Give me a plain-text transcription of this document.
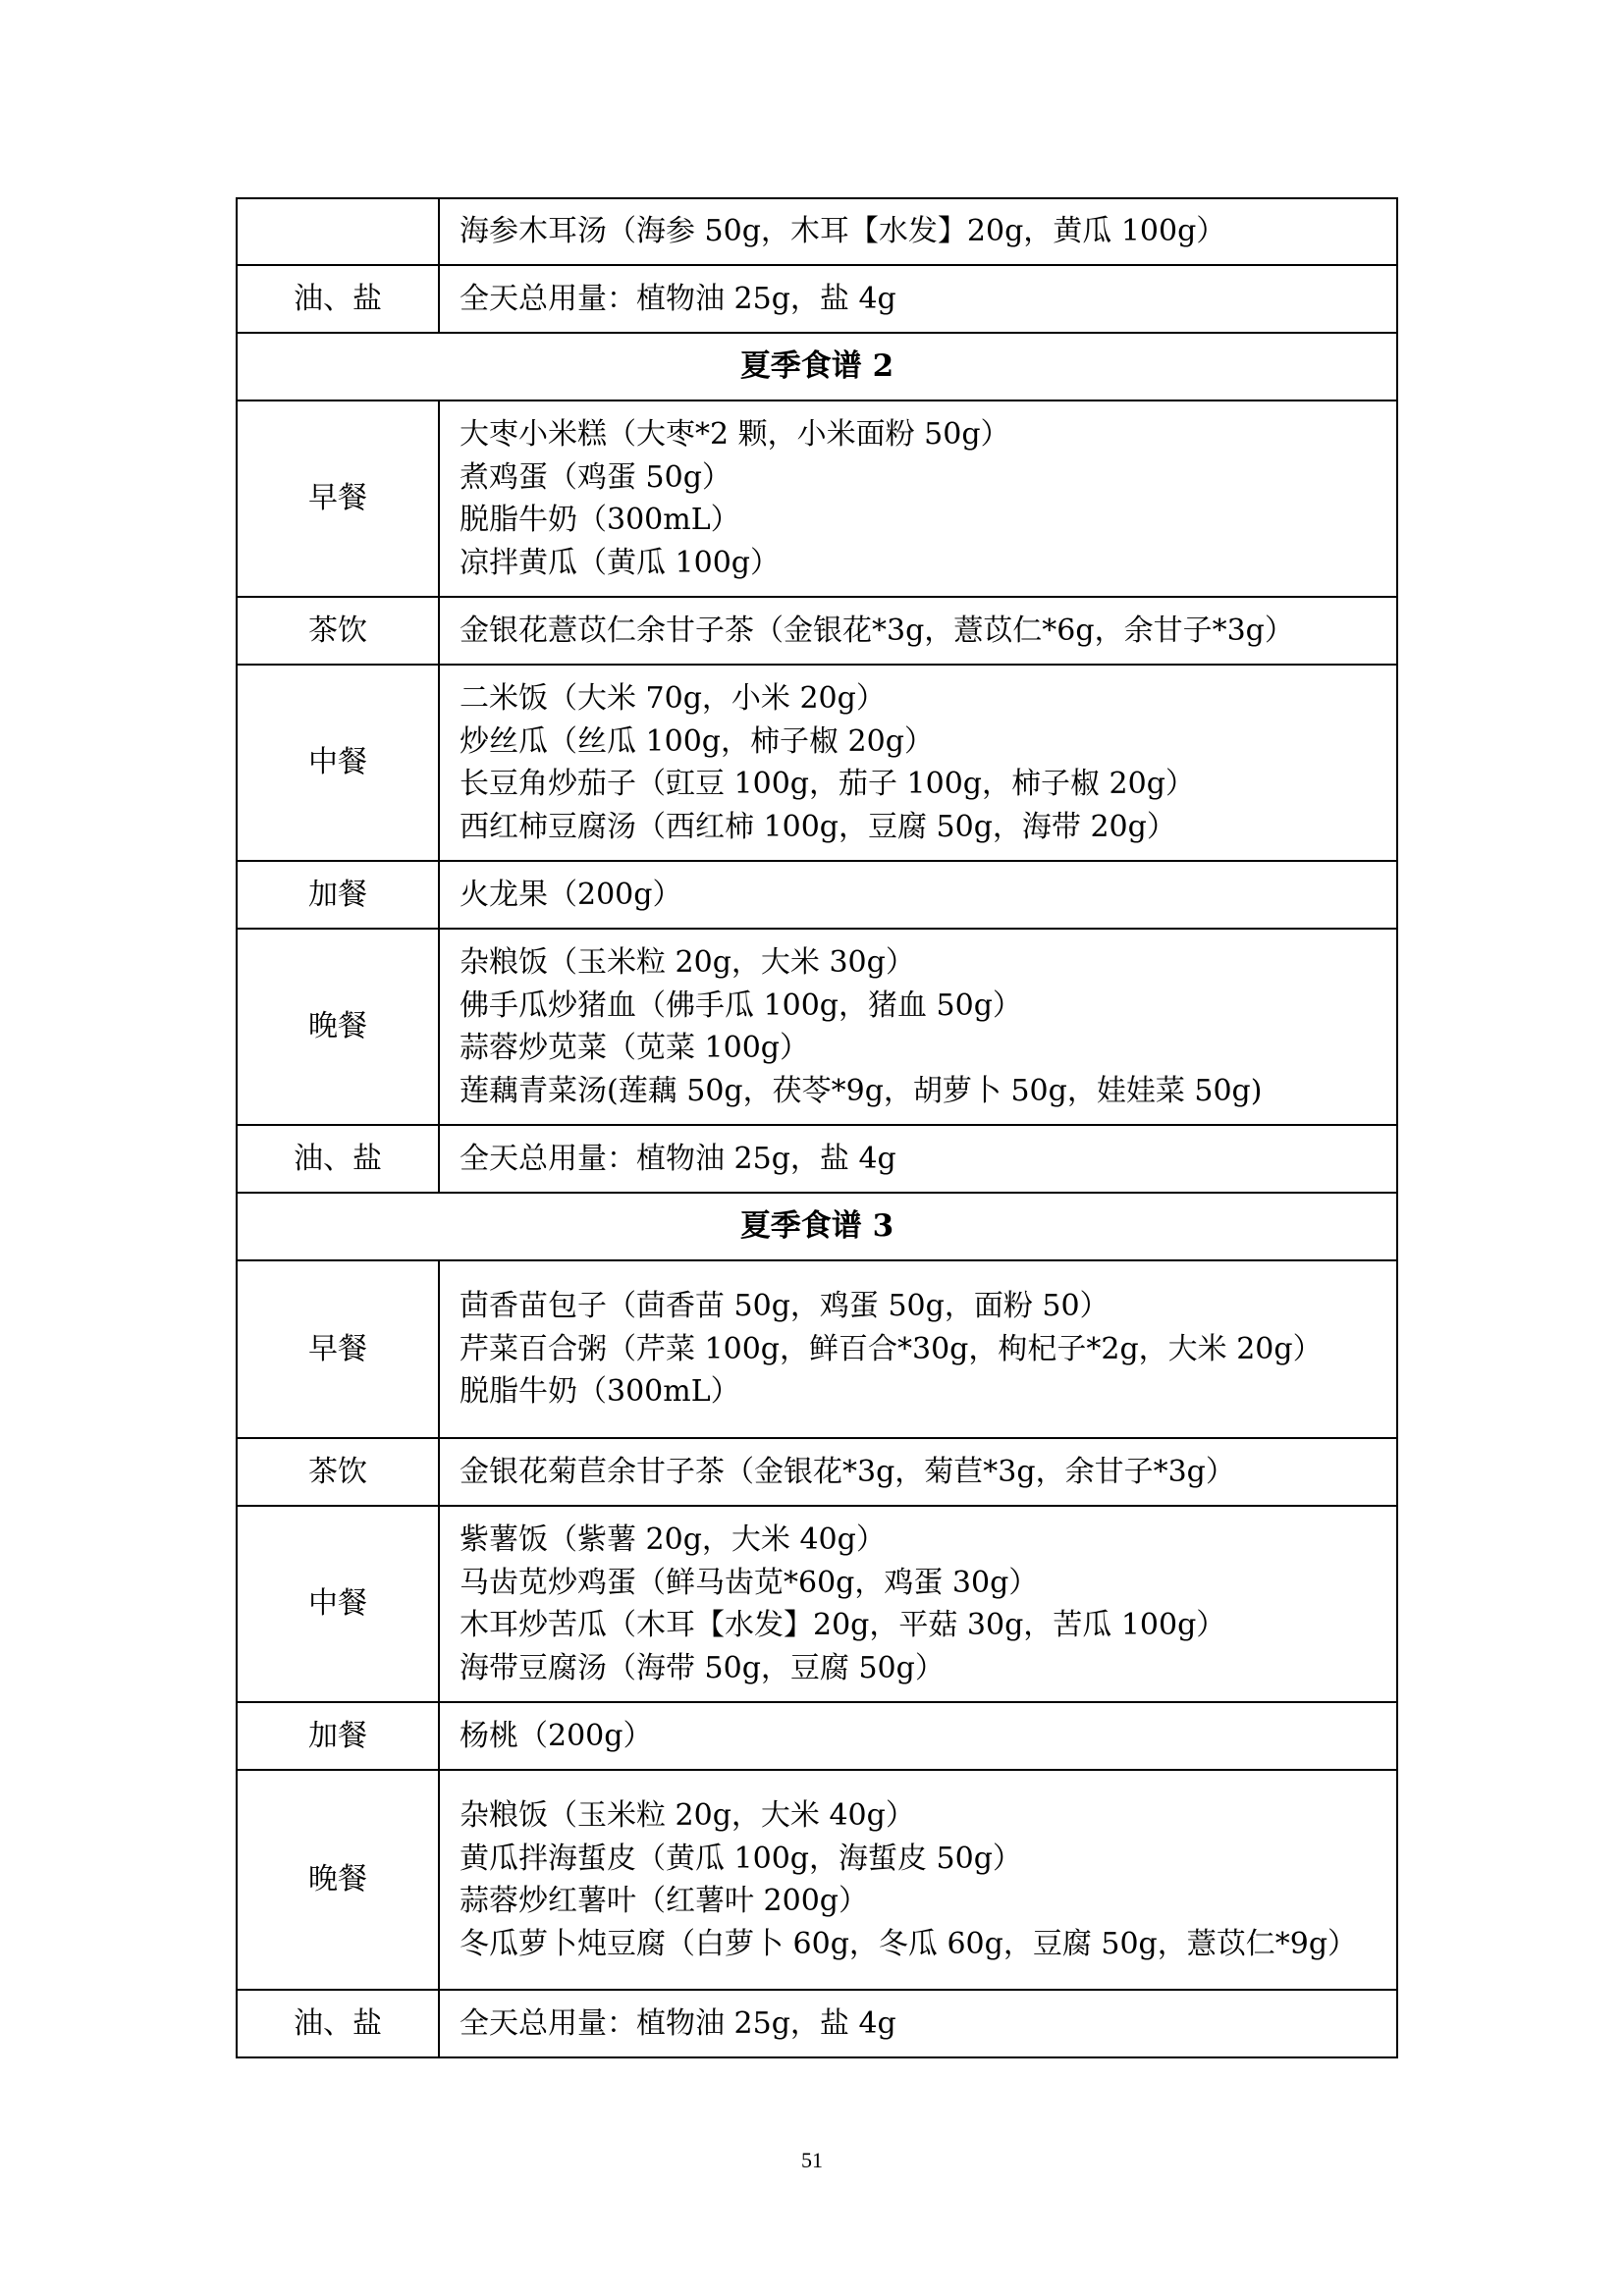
	海参木耳汤（海参 50g，木耳【水发】20g，黄瓜 100g）

油、盐	全天总用量：植物油 25g，盐 4g

夏季食谱 2	
早餐	大枣小米糕（大枣*2 颗，小米面粉 50g）
煮鸡蛋（鸡蛋 50g）
脱脂牛奶（300mL）
凉拌黄瓜（黄瓜 100g）

茶饮	金银花薏苡仁余甘子茶（金银花*3g，薏苡仁*6g，余甘子*3g）

中餐	二米饭（大米 70g，小米 20g）
炒丝瓜（丝瓜 100g，柿子椒 20g）
长豆角炒茄子（豇豆 100g，茄子 100g，柿子椒 20g）
西红柿豆腐汤（西红柿 100g，豆腐 50g，海带 20g）

加餐	火龙果（200g）

晚餐	杂粮饭（玉米粒 20g，大米 30g）
佛手瓜炒猪血（佛手瓜 100g，猪血 50g）
蒜蓉炒苋菜（苋菜 100g）
莲藕青菜汤(莲藕 50g，茯苓*9g，胡萝卜 50g，娃娃菜 50g)

油、盐	全天总用量：植物油 25g，盐 4g

夏季食谱 3	
早餐	茴香苗包子（茴香苗 50g，鸡蛋 50g，面粉 50）
芹菜百合粥（芹菜 100g，鲜百合*30g，枸杞子*2g，大米 20g）
脱脂牛奶（300mL）

茶饮	金银花菊苣余甘子茶（金银花*3g，菊苣*3g，余甘子*3g）

中餐	紫薯饭（紫薯 20g，大米 40g）
马齿苋炒鸡蛋（鲜马齿苋*60g，鸡蛋 30g）
木耳炒苦瓜（木耳【水发】20g，平菇 30g，苦瓜 100g）
海带豆腐汤（海带 50g，豆腐 50g）

加餐	杨桃（200g）

晚餐	杂粮饭（玉米粒 20g，大米 40g）
黄瓜拌海蜇皮（黄瓜 100g，海蜇皮 50g）
蒜蓉炒红薯叶（红薯叶 200g）
冬瓜萝卜炖豆腐（白萝卜 60g，冬瓜 60g，豆腐 50g，薏苡仁*9g）

油、盐	全天总用量：植物油 25g，盐 4g
51
